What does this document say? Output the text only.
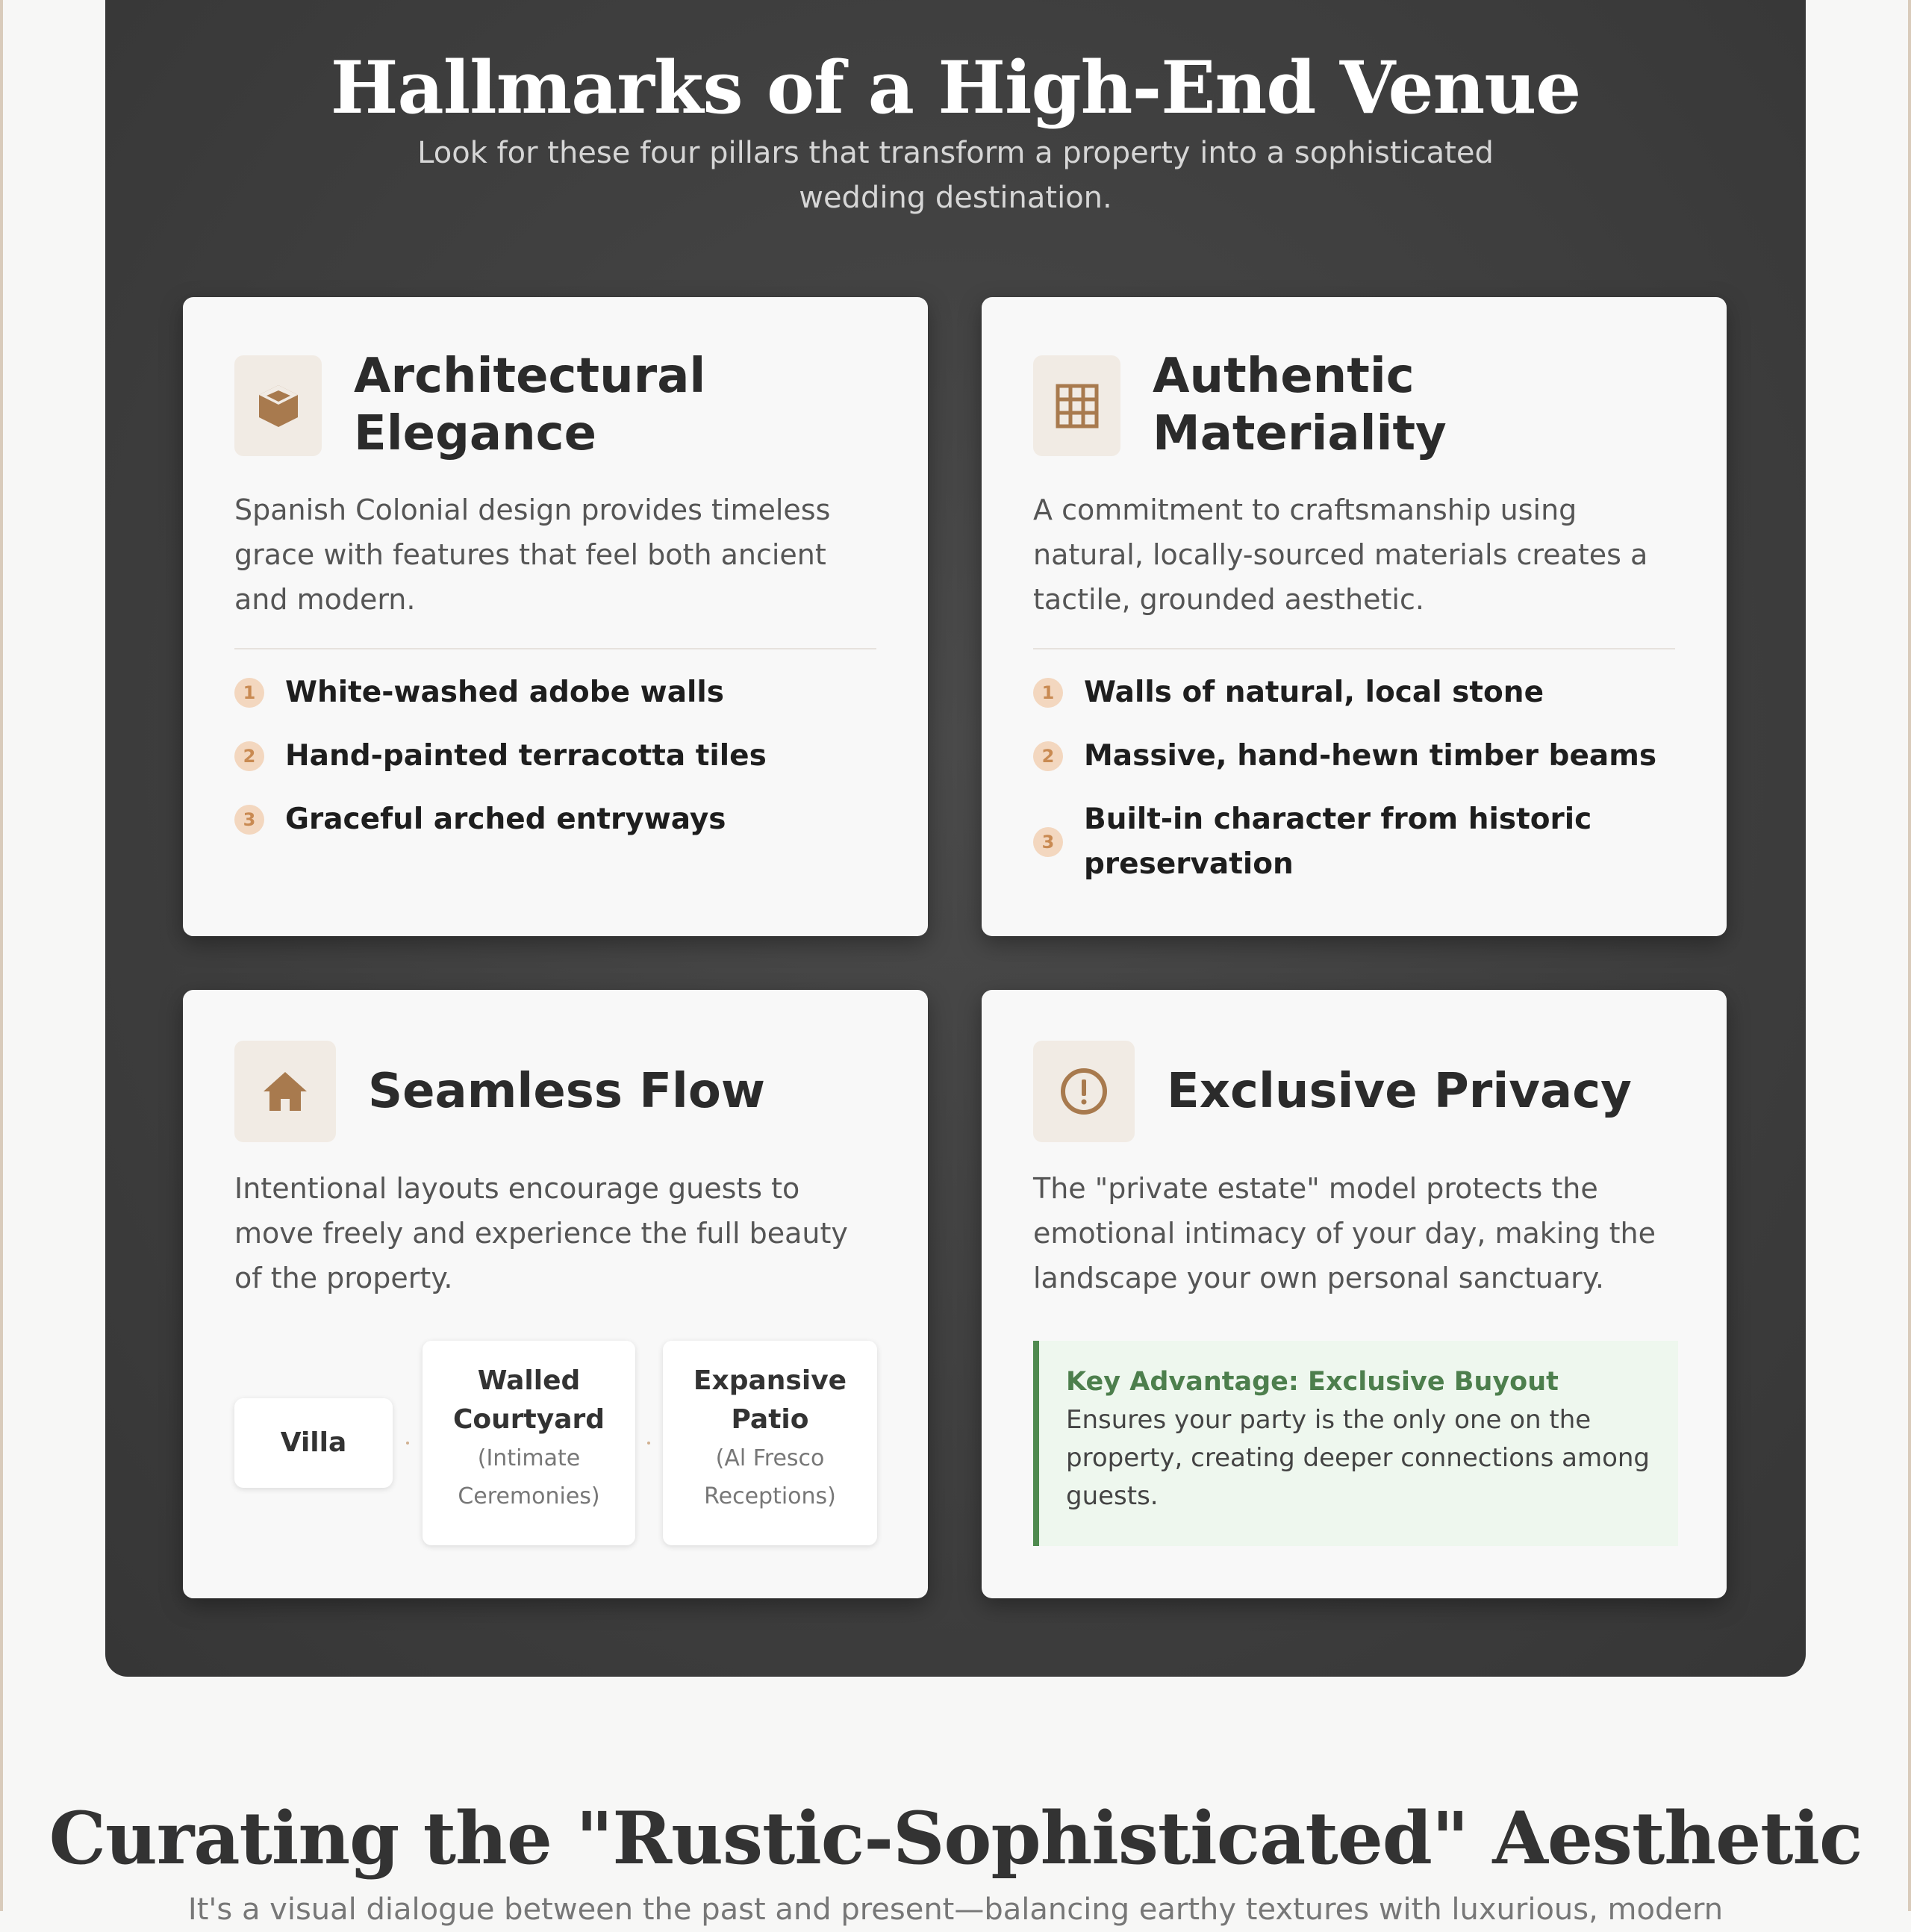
Hallmarks of a High-End Venue

Look for these four pillars that transform a property into a sophisticated wedding destination.

Architectural Elegance
Spanish Colonial design provides timeless grace with features that feel both ancient and modern.
1 White-washed adobe walls
2 Hand-painted terracotta tiles
3 Graceful arched entryways
Authentic Materiality
A commitment to craftsmanship using natural, locally-sourced materials creates a tactile, grounded aesthetic.
1 Walls of natural, local stone
2 Massive, hand-hewn timber beams
3
Built-in character from historic preservation
Seamless Flow
Intentional layouts encourage guests to move freely and experience the full beauty of the property.
Villa
Walled Courtyard
(Intimate Ceremonies)
Expansive Patio
(Al Fresco Receptions)
Exclusive Privacy
The "private estate" model protects the emotional intimacy of your day, making the landscape your own personal sanctuary.
Key Advantage: Exclusive Buyout
Ensures your party is the only one on the property, creating deeper connections among guests.
Curating the "Rustic-Sophisticated" Aesthetic

It's a visual dialogue between the past and present—balancing earthy textures with luxurious, modern
